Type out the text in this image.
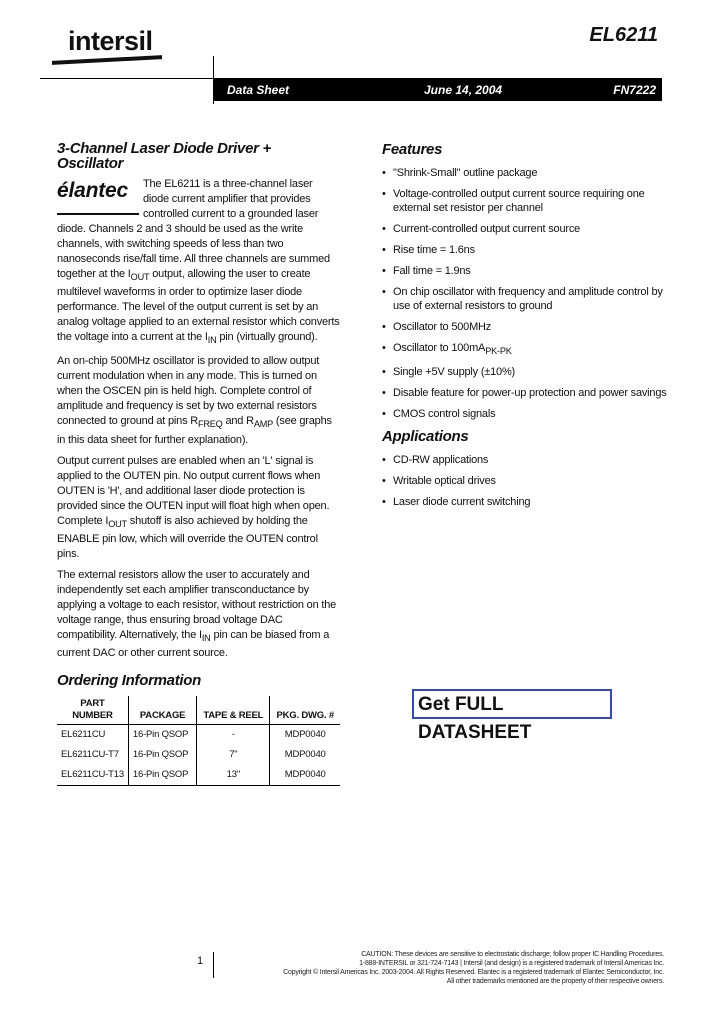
intersil	EL6211
Data Sheet	June 14, 2004	FN7222
3-Channel Laser Diode Driver + Oscillator
élantec	The EL6211 is a three-channel laser diode current amplifier that provides controlled current to a grounded laser diode. Channels 2 and 3 should be used as the write channels, with switching speeds of less than two nanoseconds rise/fall time. All three channels are summed together at the $I_{OUT}$ output, allowing the user to create multilevel waveforms in order to optimize laser diode performance. The level of the output current is set by an analog voltage applied to an external resistor which converts the voltage into a current at the $I_{IN}$ pin (virtually ground).

An on-chip 500MHz oscillator is provided to allow output current modulation when in any mode. This is turned on when the OSCEN pin is held high. Complete control of amplitude and frequency is set by two external resistors connected to ground at pins $R_{FREQ}$ and $R_{AMP}$ (see graphs in this data sheet for further explanation).

Output current pulses are enabled when an 'L' signal is applied to the OUTEN pin. No output current flows when OUTEN is 'H', and additional laser diode protection is provided since the OUTEN input will float high when open. Complete $I_{OUT}$ shutoff is also achieved by holding the ENABLE pin low, which will override the OUTEN control pins.

The external resistors allow the user to accurately and independently set each amplifier transconductance by applying a voltage to each resistor, without restriction on the voltage range, thus ensuring broad voltage DAC compatibility. Alternatively, the $I_{IN}$ pin can be biased from a current DAC or other current source.

Ordering Information
PART NUMBER	PACKAGE	TAPE & REEL	PKG. DWG. #
EL6211CU	16-Pin QSOP	-	MDP0040
EL6211CU-T7	16-Pin QSOP	7"	MDP0040
EL6211CU-T13	16-Pin QSOP	13"	MDP0040
Features
• "Shrink-Small" outline package
• Voltage-controlled output current source requiring one external set resistor per channel
• Current-controlled output current source
• Rise time = 1.6ns
• Fall time = 1.9ns
• On chip oscillator with frequency and amplitude control by use of external resistors to ground
• Oscillator to 500MHz
• Oscillator to $100mA_{PK-PK}$
• Single +5V supply (±10%)
• Disable feature for power-up protection and power savings
• CMOS control signals
Applications
• CD-RW applications
• Writable optical drives
• Laser diode current switching
Get FULL DATASHEET
1
CAUTION: These devices are sensitive to electrostatic discharge; follow proper IC Handling Procedures.
1-888-INTERSIL or 321-724-7143 | Intersil (and design) is a registered trademark of Intersil Americas Inc.
Copyright © Intersil Americas Inc. 2003-2004. All Rights Reserved. Elantec is a registered trademark of Elantec Semiconductor, Inc.
All other trademarks mentioned are the property of their respective owners.
